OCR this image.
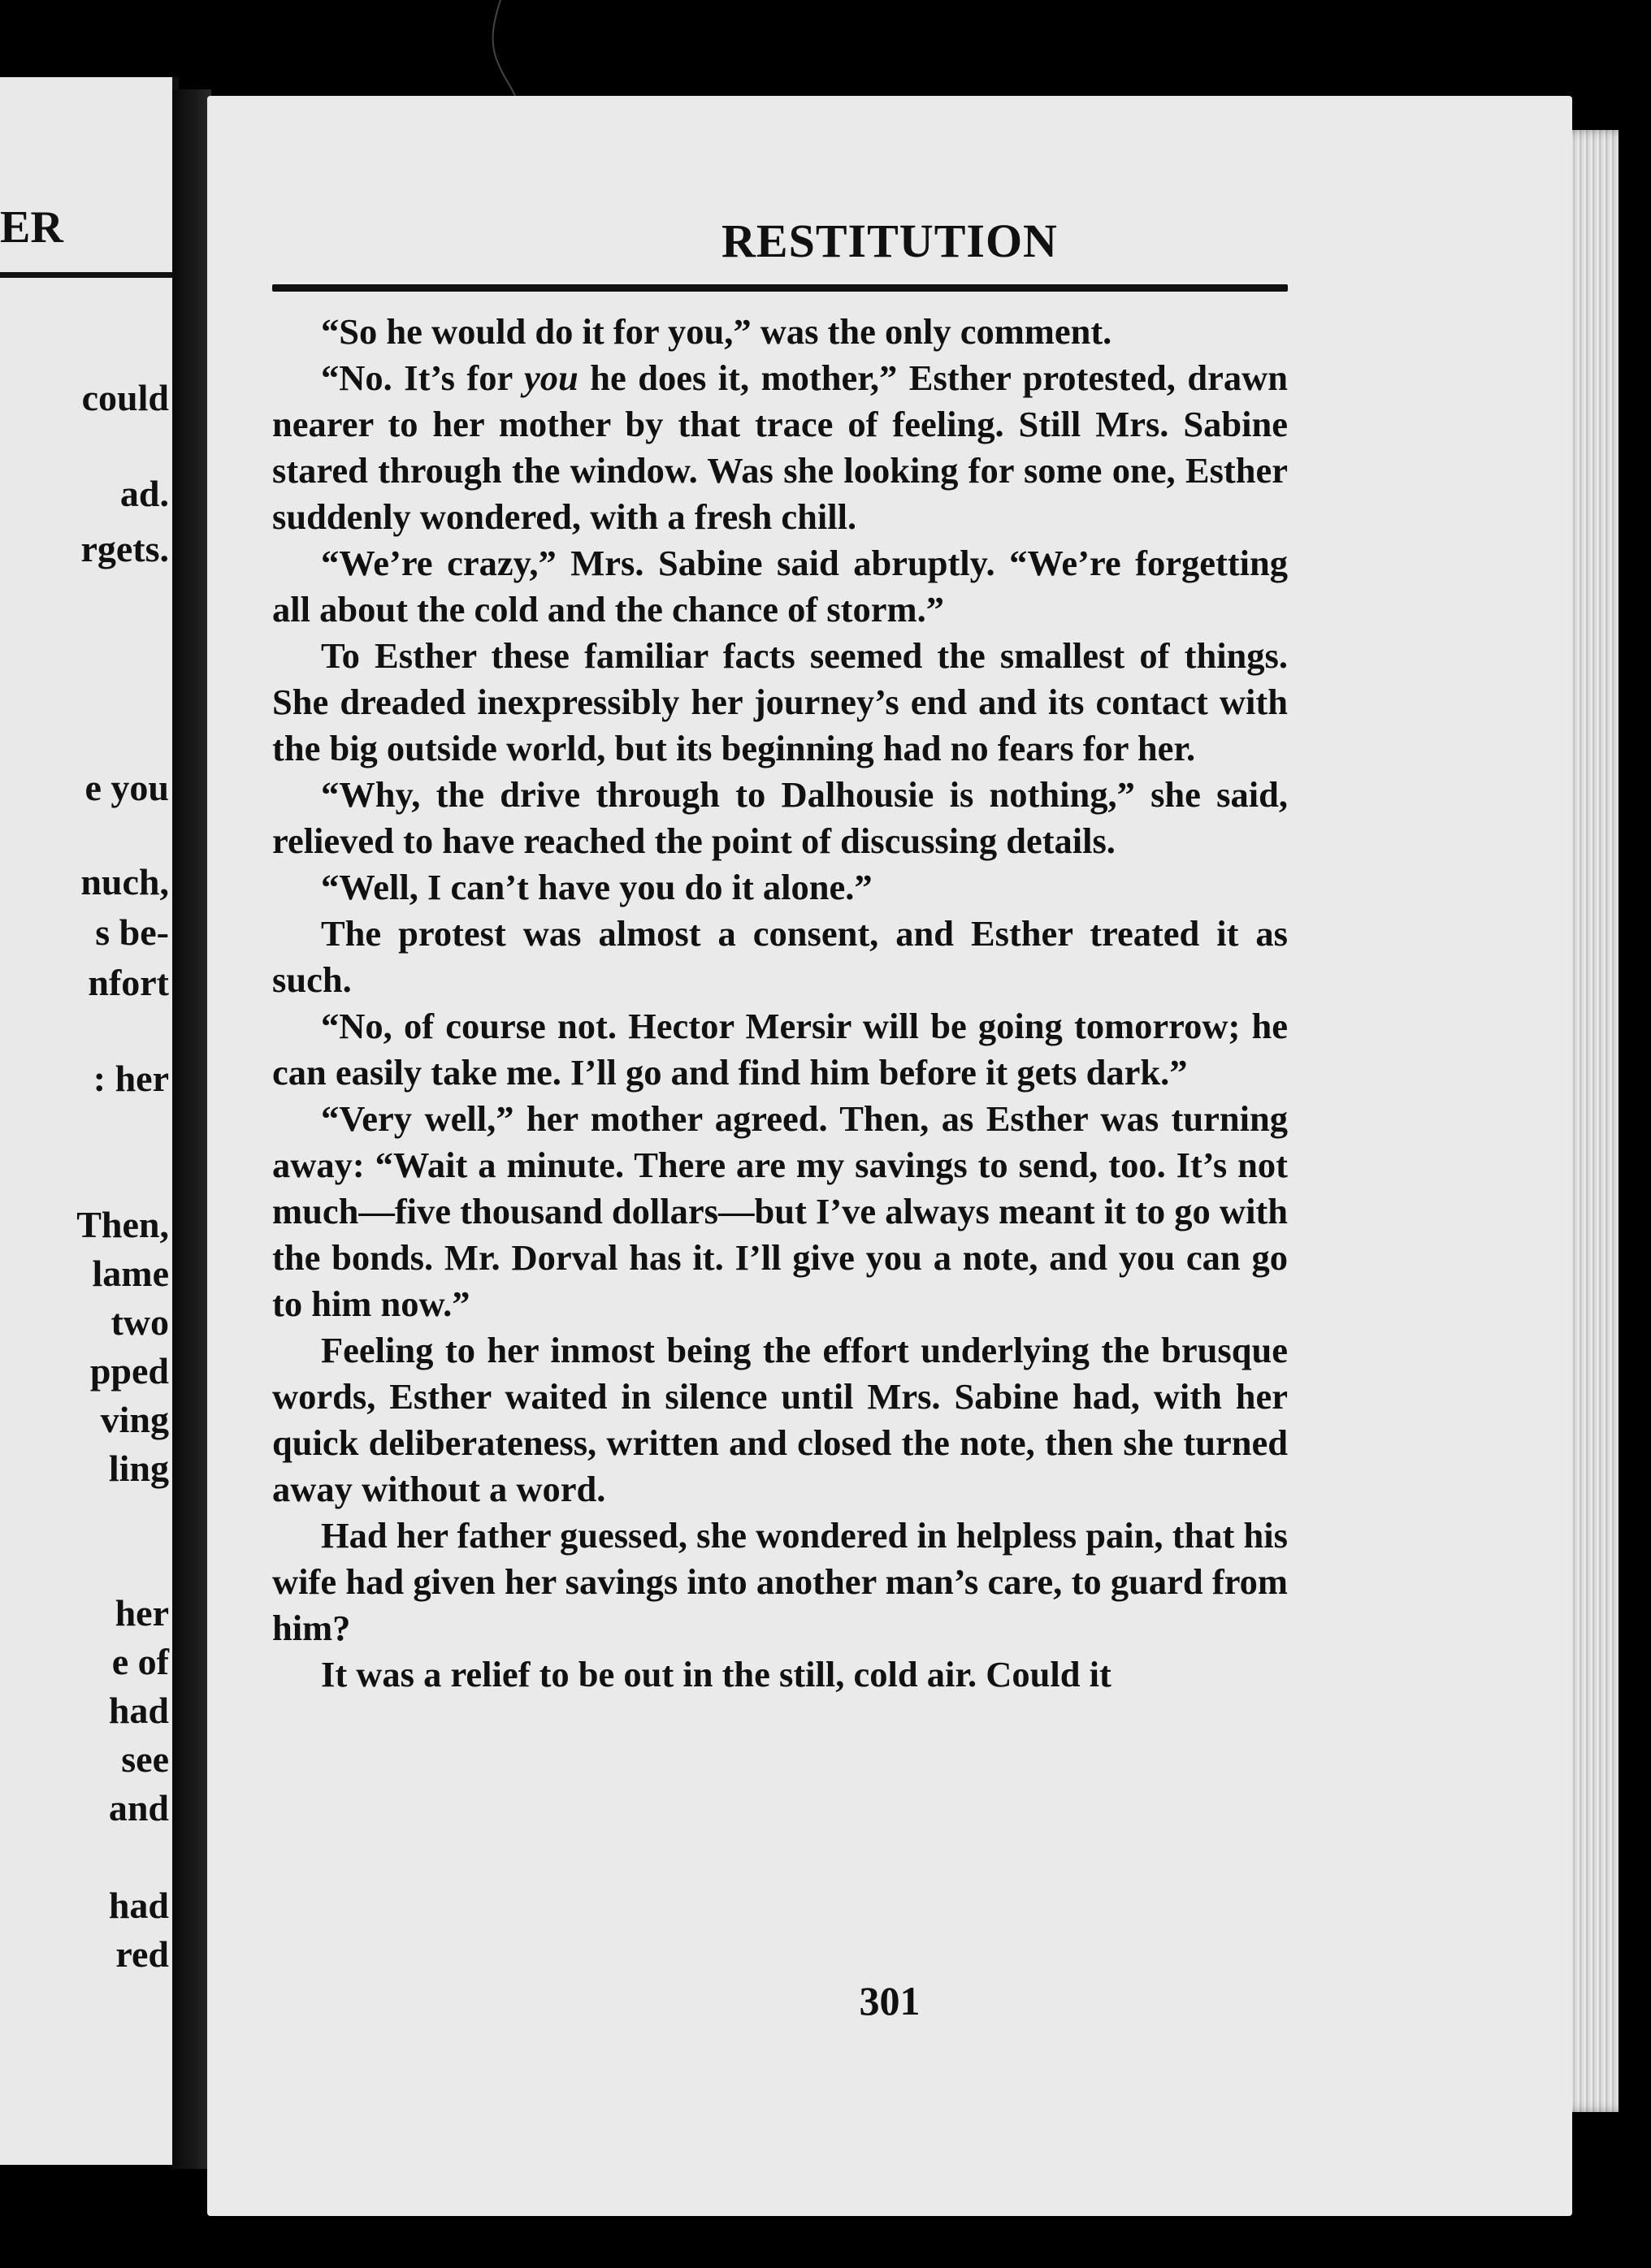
ER
could
ad.
rgets.
e you
nuch,
s be-
nfort
: her
Then,
lame
two
pped
ving
ling
her
e of
had
see
and
had
red
RESTITUTION

“So he would do it for you,” was the only comment.

“No. It’s for you he does it, mother,” Esther protested, drawn nearer to her mother by that trace of feeling. Still Mrs. Sabine stared through the window. Was she looking for some one, Esther suddenly wondered, with a fresh chill.

“We’re crazy,” Mrs. Sabine said abruptly. “We’re forgetting all about the cold and the chance of storm.”

To Esther these familiar facts seemed the smallest of things. She dreaded inexpressibly her journey’s end and its contact with the big outside world, but its beginning had no fears for her.

“Why, the drive through to Dalhousie is nothing,” she said, relieved to have reached the point of discussing details.

“Well, I can’t have you do it alone.”

The protest was almost a consent, and Esther treated it as such.

“No, of course not. Hector Mersir will be going tomorrow; he can easily take me. I’ll go and find him before it gets dark.”

“Very well,” her mother agreed. Then, as Esther was turning away: “Wait a minute. There are my savings to send, too. It’s not much—five thousand dollars—but I’ve always meant it to go with the bonds. Mr. Dorval has it. I’ll give you a note, and you can go to him now.”

Feeling to her inmost being the effort underlying the brusque words, Esther waited in silence until Mrs. Sabine had, with her quick deliberateness, written and closed the note, then she turned away without a word.

Had her father guessed, she wondered in helpless pain, that his wife had given her savings into another man’s care, to guard from him?

It was a relief to be out in the still, cold air. Could it

301
